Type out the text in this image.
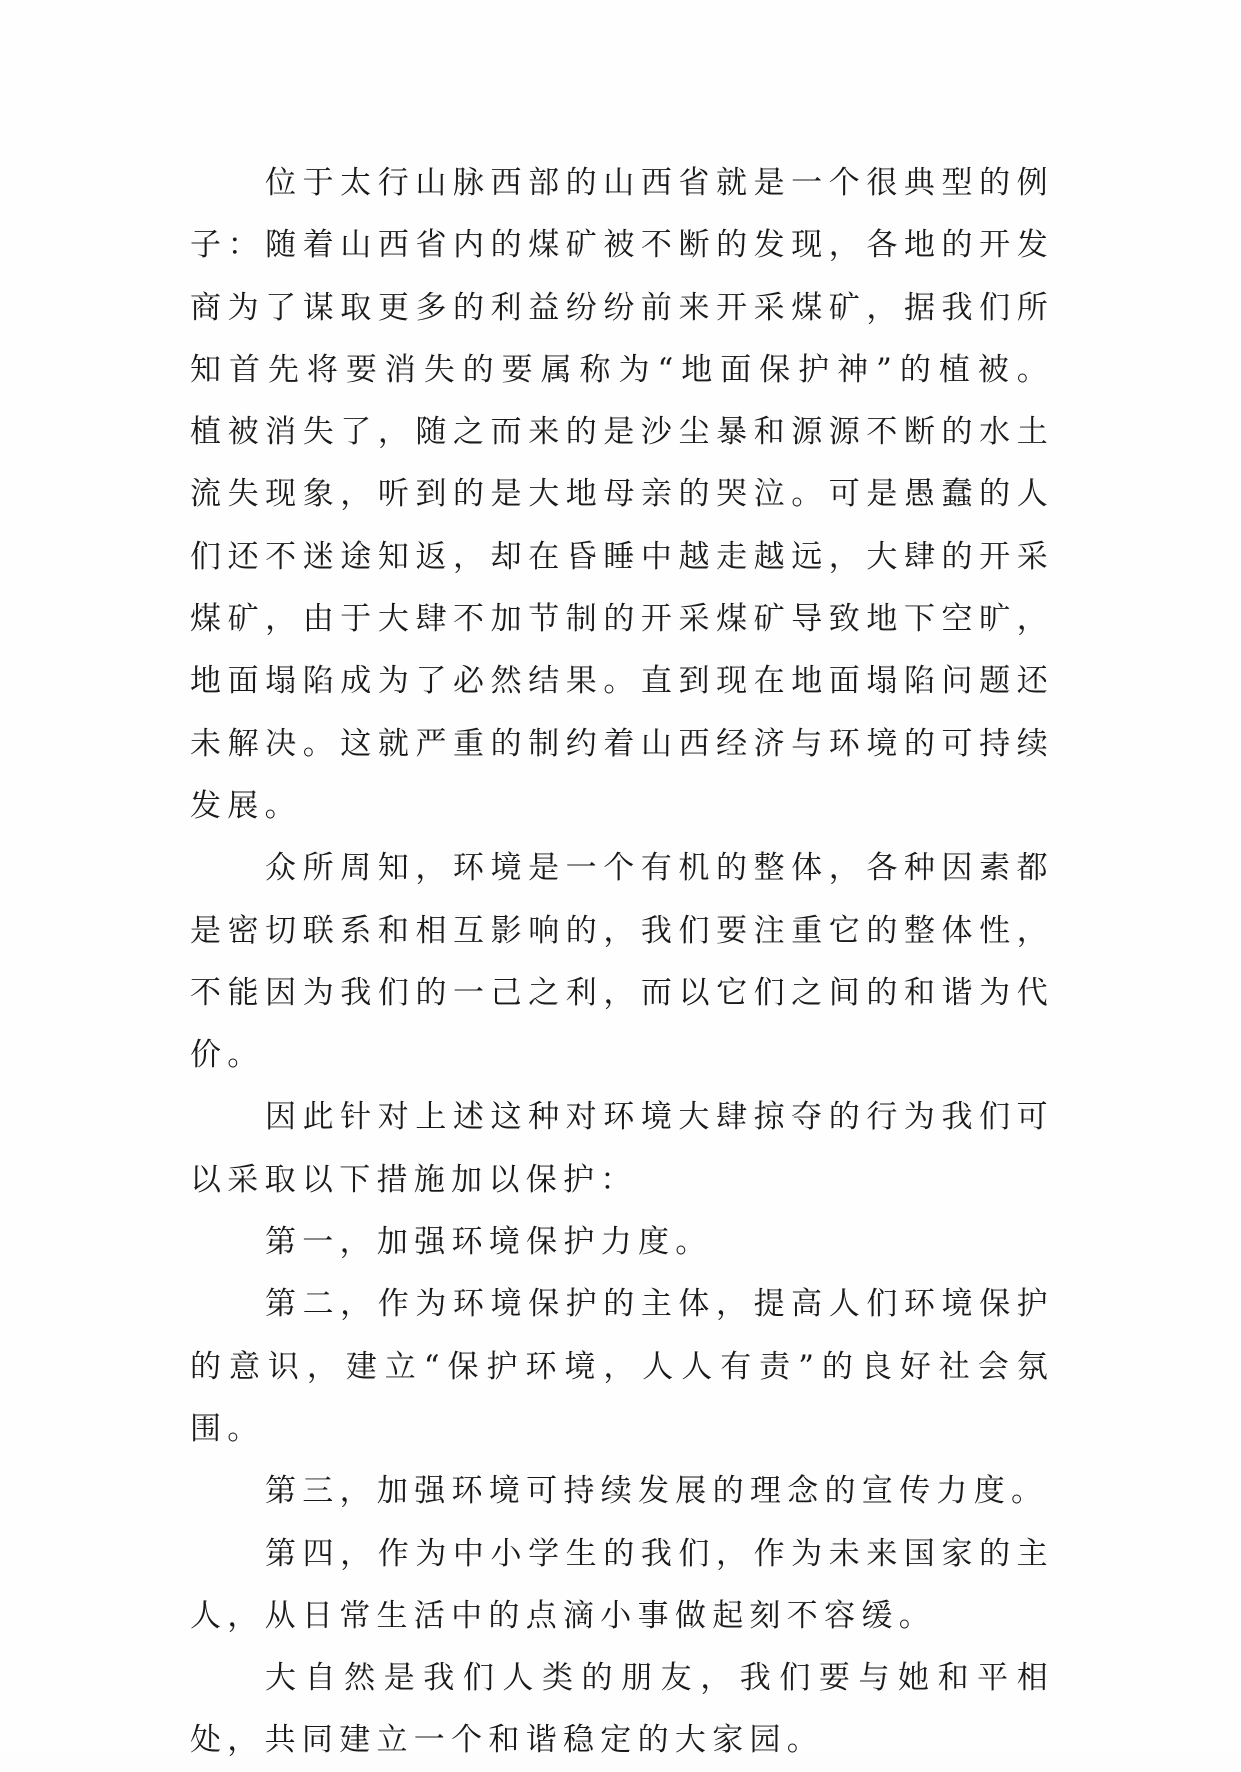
位于太行山脉西部的山西省就是一个很典型的例子：随着山西省内的煤矿被不断的发现，各地的开发商为了谋取更多的利益纷纷前来开采煤矿，据我们所知首先将要消失的要属称为“地面保护神”的植被。植被消失了，随之而来的是沙尘暴和源源不断的水土流失现象，听到的是大地母亲的哭泣。可是愚蠢的人们还不迷途知返，却在昏睡中越走越远，大肆的开采煤矿，由于大肆不加节制的开采煤矿导致地下空旷，地面塌陷成为了必然结果。直到现在地面塌陷问题还未解决。这就严重的制约着山西经济与环境的可持续发展。

众所周知，环境是一个有机的整体，各种因素都是密切联系和相互影响的，我们要注重它的整体性，不能因为我们的一己之利，而以它们之间的和谐为代价。

因此针对上述这种对环境大肆掠夺的行为我们可以采取以下措施加以保护：

第一，加强环境保护力度。

第二，作为环境保护的主体，提高人们环境保护的意识，建立“保护环境，人人有责”的良好社会氛围。

第三，加强环境可持续发展的理念的宣传力度。

第四，作为中小学生的我们，作为未来国家的主人，从日常生活中的点滴小事做起刻不容缓。

大自然是我们人类的朋友，我们要与她和平相处，共同建立一个和谐稳定的大家园。
